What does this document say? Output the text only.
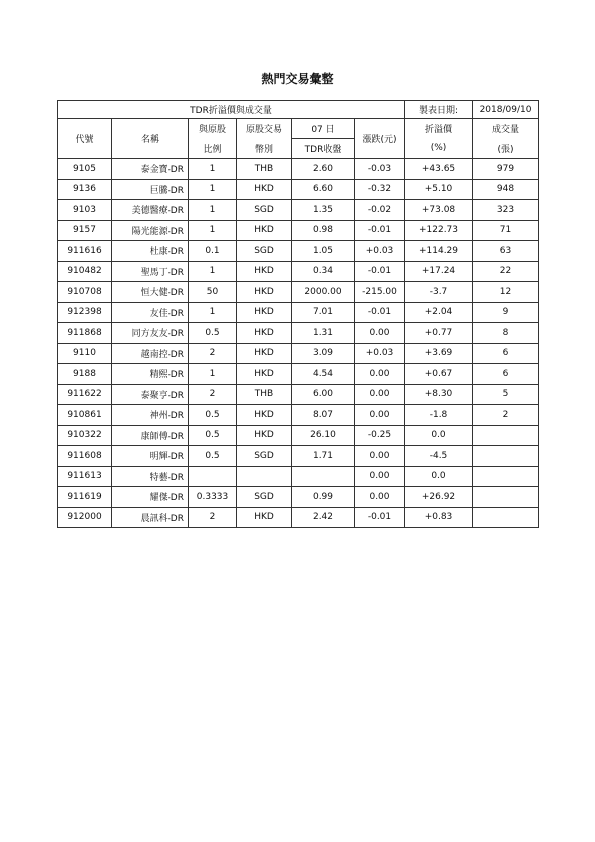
熱門交易彙整
TDR折溢價與成交量						製表日期:	2018/09/10
代號	名稱	與原股	原股交易	07 日	漲跌(元)	折溢價	成交量
		比例	幣別	TDR收盤		(%)	(張)
9105	泰金寶-DR	1	THB	2.60	-0.03	+43.65	979
9136	巨騰-DR	1	HKD	6.60	-0.32	+5.10	948
9103	美德醫療-DR	1	SGD	1.35	-0.02	+73.08	323
9157	陽光能源-DR	1	HKD	0.98	-0.01	+122.73	71
911616	杜康-DR	0.1	SGD	1.05	+0.03	+114.29	63
910482	聖馬丁-DR	1	HKD	0.34	-0.01	+17.24	22
910708	恒大健-DR	50	HKD	2000.00	-215.00	-3.7	12
912398	友佳-DR	1	HKD	7.01	-0.01	+2.04	9
911868	同方友友-DR	0.5	HKD	1.31	0.00	+0.77	8
9110	越南控-DR	2	HKD	3.09	+0.03	+3.69	6
9188	精熙-DR	1	HKD	4.54	0.00	+0.67	6
911622	泰聚亨-DR	2	THB	6.00	0.00	+8.30	5
910861	神州-DR	0.5	HKD	8.07	0.00	-1.8	2
910322	康師傅-DR	0.5	HKD	26.10	-0.25	0.0	
911608	明輝-DR	0.5	SGD	1.71	0.00	-4.5	
911613	特藝-DR				0.00	0.0	
911619	耀傑-DR	0.3333	SGD	0.99	0.00	+26.92	
912000	晨訊科-DR	2	HKD	2.42	-0.01	+0.83	
